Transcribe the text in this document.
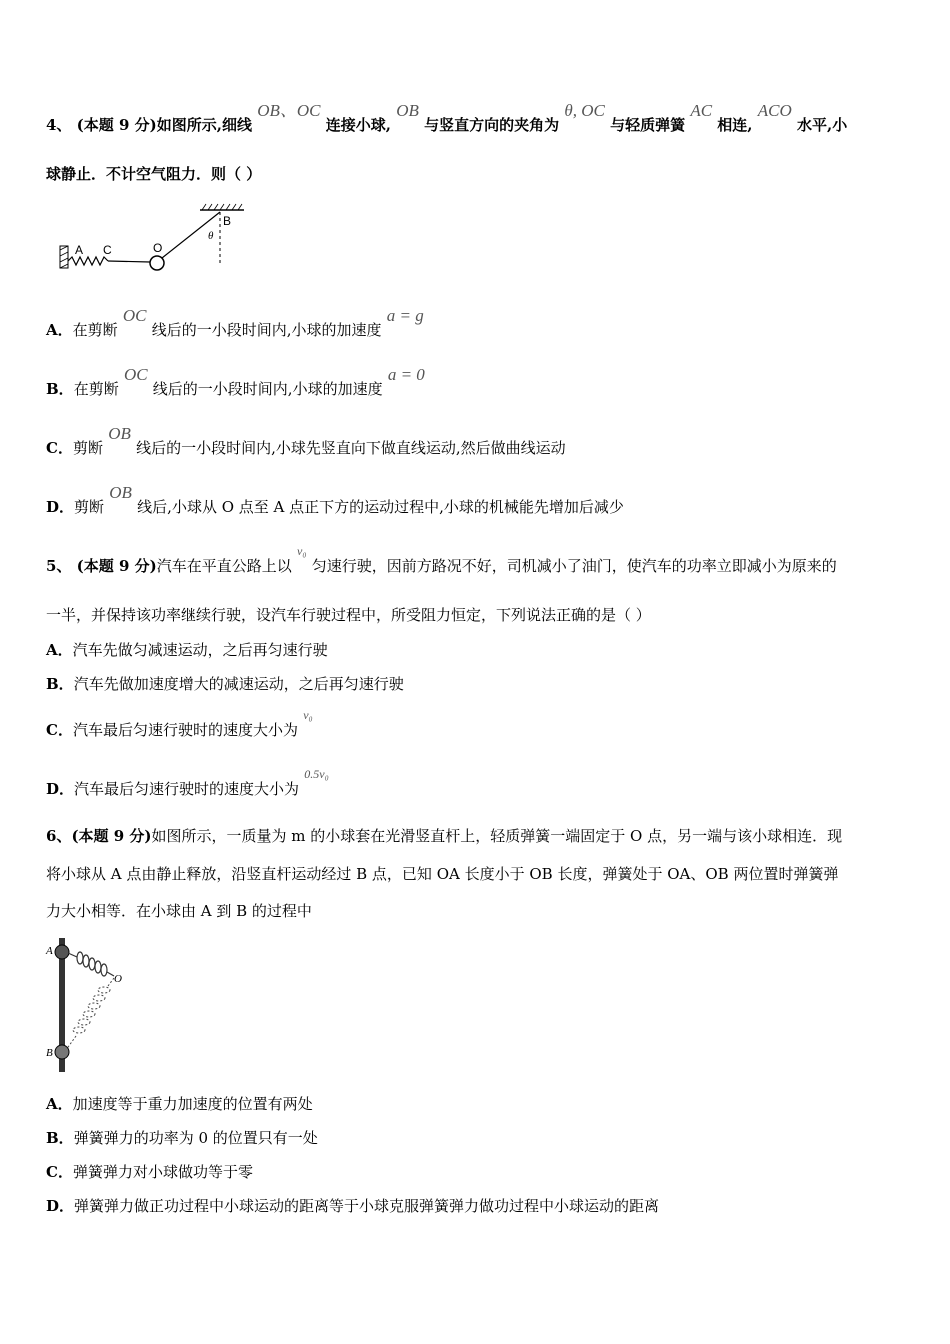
4、 (本题 9 分)如图所示,细线 OB、OC 连接小球, OB 与竖直方向的夹角为 θ, OC 与轻质弹簧 AC 相连, ACO 水平,小
球静止．不计空气阻力．则（ ）
A C	O
B
θ
A．在剪断 OC 线后的一小段时间内,小球的加速度 a = g
B．在剪断 OC 线后的一小段时间内,小球的加速度 a = 0
C．剪断 OB 线后的一小段时间内,小球先竖直向下做直线运动,然后做曲线运动
D．剪断 OB 线后,小球从 O 点至 A 点正下方的运动过程中,小球的机械能先增加后减少
5、 (本题 9 分)汽车在平直公路上以 $^{v_0}$ 匀速行驶，因前方路况不好，司机减小了油门，使汽车的功率立即减小为原来的
一半，并保持该功率继续行驶，设汽车行驶过程中，所受阻力恒定，下列说法正确的是（ ）
A．汽车先做匀减速运动，之后再匀速行驶
B．汽车先做加速度增大的减速运动，之后再匀速行驶
C．汽车最后匀速行驶时的速度大小为 $^{v_0}$
D．汽车最后匀速行驶时的速度大小为 $^{0.5v_0}$
6、(本题 9 分)如图所示，一质量为 m 的小球套在光滑竖直杆上，轻质弹簧一端固定于 O 点，另一端与该小球相连．现
将小球从 A 点由静止释放，沿竖直杆运动经过 B 点，已知 OA 长度小于 OB 长度，弹簧处于 OA、OB 两位置时弹簧弹
力大小相等．在小球由 A 到 B 的过程中
A
B
O
A．加速度等于重力加速度的位置有两处
B．弹簧弹力的功率为 0 的位置只有一处
C．弹簧弹力对小球做功等于零
D．弹簧弹力做正功过程中小球运动的距离等于小球克服弹簧弹力做功过程中小球运动的距离
